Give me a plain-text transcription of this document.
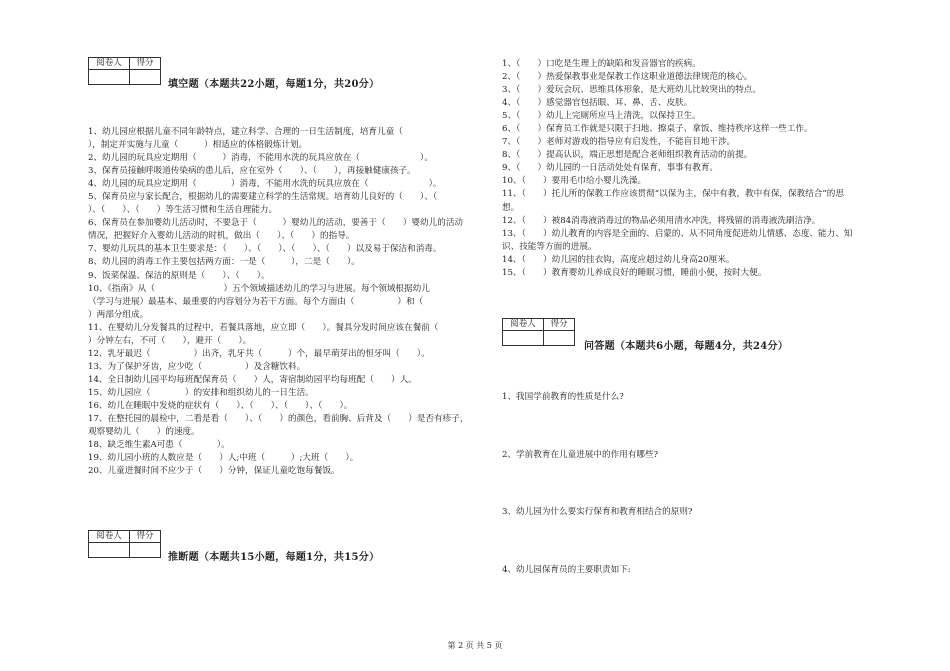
阅卷人	得分

填空题（本题共22小题，每题1分，共20分）

1、幼儿园应根据儿童不同年龄特点，建立科学、合理的一日生活制度，培育儿童（

），制定并实施与儿童（　　　）相适应的体格锻炼计划。

2、幼儿园的玩具应定期用（　　　）消毒，不能用水洗的玩具应放在（　　　　　　　）。

3、保育员接触呼吸道传染病的患儿后，应在室外（　　）、（　　），再接触健康孩子。

4、幼儿园的玩具应定期用（　　　　）消毒，不能用水洗的玩具应放在（　　　　　　　）。

5、保育员应与家长配合，根据幼儿的需要建立科学的生活常规。培育幼儿良好的（　　）、（

）、（　　）、（　　）等生活习惯和生活自理能力。

6、保育员在参加婴幼儿活动时，不要急于（　　　）婴幼儿的活动，要善于（　　）婴幼儿的活动

情况，把握好介入婴幼儿活动的时机，做出（　　）、（　　）的指导。

7、婴幼儿玩具的基本卫生要求是：（　　）、（　　）、（　　）、（　　）以及易于保洁和消毒。

8、幼儿园的消毒工作主要包括两方面：一是（　　　），二是（　　）。

9、饭菜保温、保洁的原则是（　　）、（　　）。

10、《指南》从（　　　　　　　　）五个领域描述幼儿的学习与进展。每个领域根据幼儿

（学习与进展）最基本、最重要的内容划分为若干方面。每个方面由（　　　　　）和（

）两部分组成。

11、在婴幼儿分发餐具的过程中，若餐具落地，应立即（　　）。餐具分发时间应该在餐前（

）分钟左右，不可（　　），避开（　　）。

12、乳牙最迟（　　　　　）出齐，乳牙共（　　　）个，最早萌芽出的恒牙叫（　　）。

13、为了保护牙齿，应少吃（　　　　　）及含糖饮料。

14、全日制幼儿园平均每班配保育员（　　）人，寄宿制幼园平均每班配（　　）人。

15、幼儿园应（　　　　）的安排和组织幼儿的一日生活。

16、幼儿在睡眠中发烧的症状有（　　）、（　　）、（　　）、（　　）。

17、在整托园的晨检中，二看是看（　　）、（　　）的颜色，看前胸、后背及（　　）是否有疹子，

观察婴幼儿（　　）的速度。

18、缺乏维生素A可患（　　　　）。

19、幼儿园小班的人数应是（　　）人;中班（　　　）;大班（　　）。

20、儿童进餐时间不应少于（　　）分钟，保证儿童吃饱每餐饭。

阅卷人	得分

推断题（本题共15小题，每题1分，共15分）

1、（　　）口吃是生理上的缺陷和发音器官的疾病。

2、（　　）热爱保教事业是保教工作这职业道德法律规范的核心。

3、（　　）爱玩会玩、思维具体形象，是大班幼儿比较突出的特点。

4、（　　）感觉器官包括眼、耳、鼻、舌、皮肤。

5、（　　）幼儿上完厕所应马上清洗，以保持卫生。

6、（　　）保育员工作就是只限于扫地、擦桌子、拿饭、维持秩序这样一些工作。

7、（　　）老师对游戏的指导应有启发性，不能盲目地干涉。

8、（　　）提高认识，端正思想是配合老师组织教育活动的前提。

9、（　　）幼儿园的一日活动处处有保育，事事有教育。

10、（　　）要用毛巾给小婴儿洗澡。

11、（　　）托儿所的保教工作应该贯彻“以保为主，保中有教，教中有保，保教结合”的思

想。

12、（　　）被84消毒液消毒过的物品必须用清水冲洗，将残留的消毒液洗刷洁净。

13、（　　）幼儿教育的内容是全面的、启蒙的、从不同角度促进幼儿情感、态度、能力、知

识、技能等方面的进展。

14、（　　）幼儿园的挂衣钩，高度应超过幼儿身高20厘米。

15、（　　）教育婴幼儿养成良好的睡眠习惯，睡前小便，按时大便。

阅卷人	得分

问答题（本题共6小题，每题4分，共24分）

1、我国学前教育的性质是什么?

2、学前教育在儿童进展中的作用有哪些?

3、幼儿园为什么要实行保育和教育相结合的原则?

4、幼儿园保育员的主要职责如下:

第 2 页 共 5 页
